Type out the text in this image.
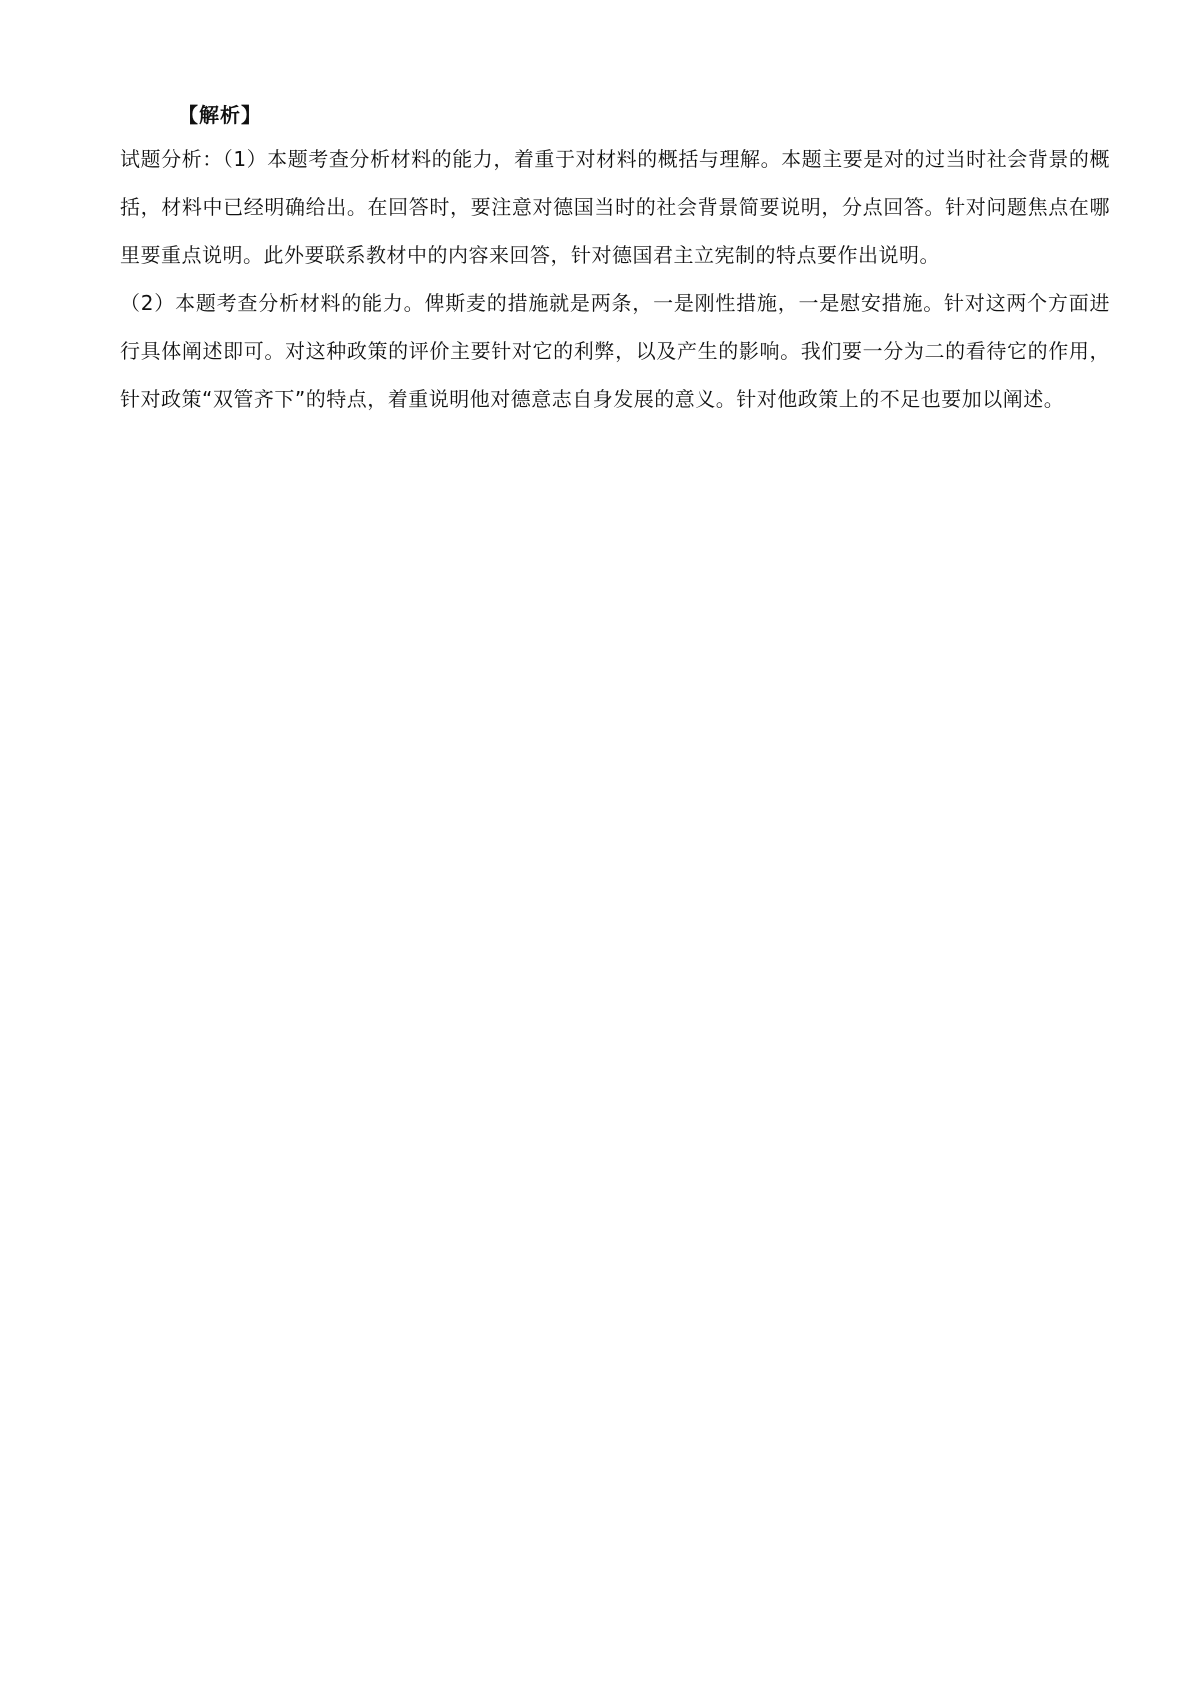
【解析】

试题分析：（1）本题考查分析材料的能力，着重于对材料的概括与理解。本题主要是对的过当时社会背景的概括，材料中已经明确给出。在回答时，要注意对德国当时的社会背景简要说明，分点回答。针对问题焦点在哪里要重点说明。此外要联系教材中的内容来回答，针对德国君主立宪制的特点要作出说明。

（2）本题考查分析材料的能力。俾斯麦的措施就是两条，一是刚性措施，一是慰安措施。针对这两个方面进行具体阐述即可。对这种政策的评价主要针对它的利弊，以及产生的影响。我们要一分为二的看待它的作用，针对政策“双管齐下”的特点，着重说明他对德意志自身发展的意义。针对他政策上的不足也要加以阐述。
